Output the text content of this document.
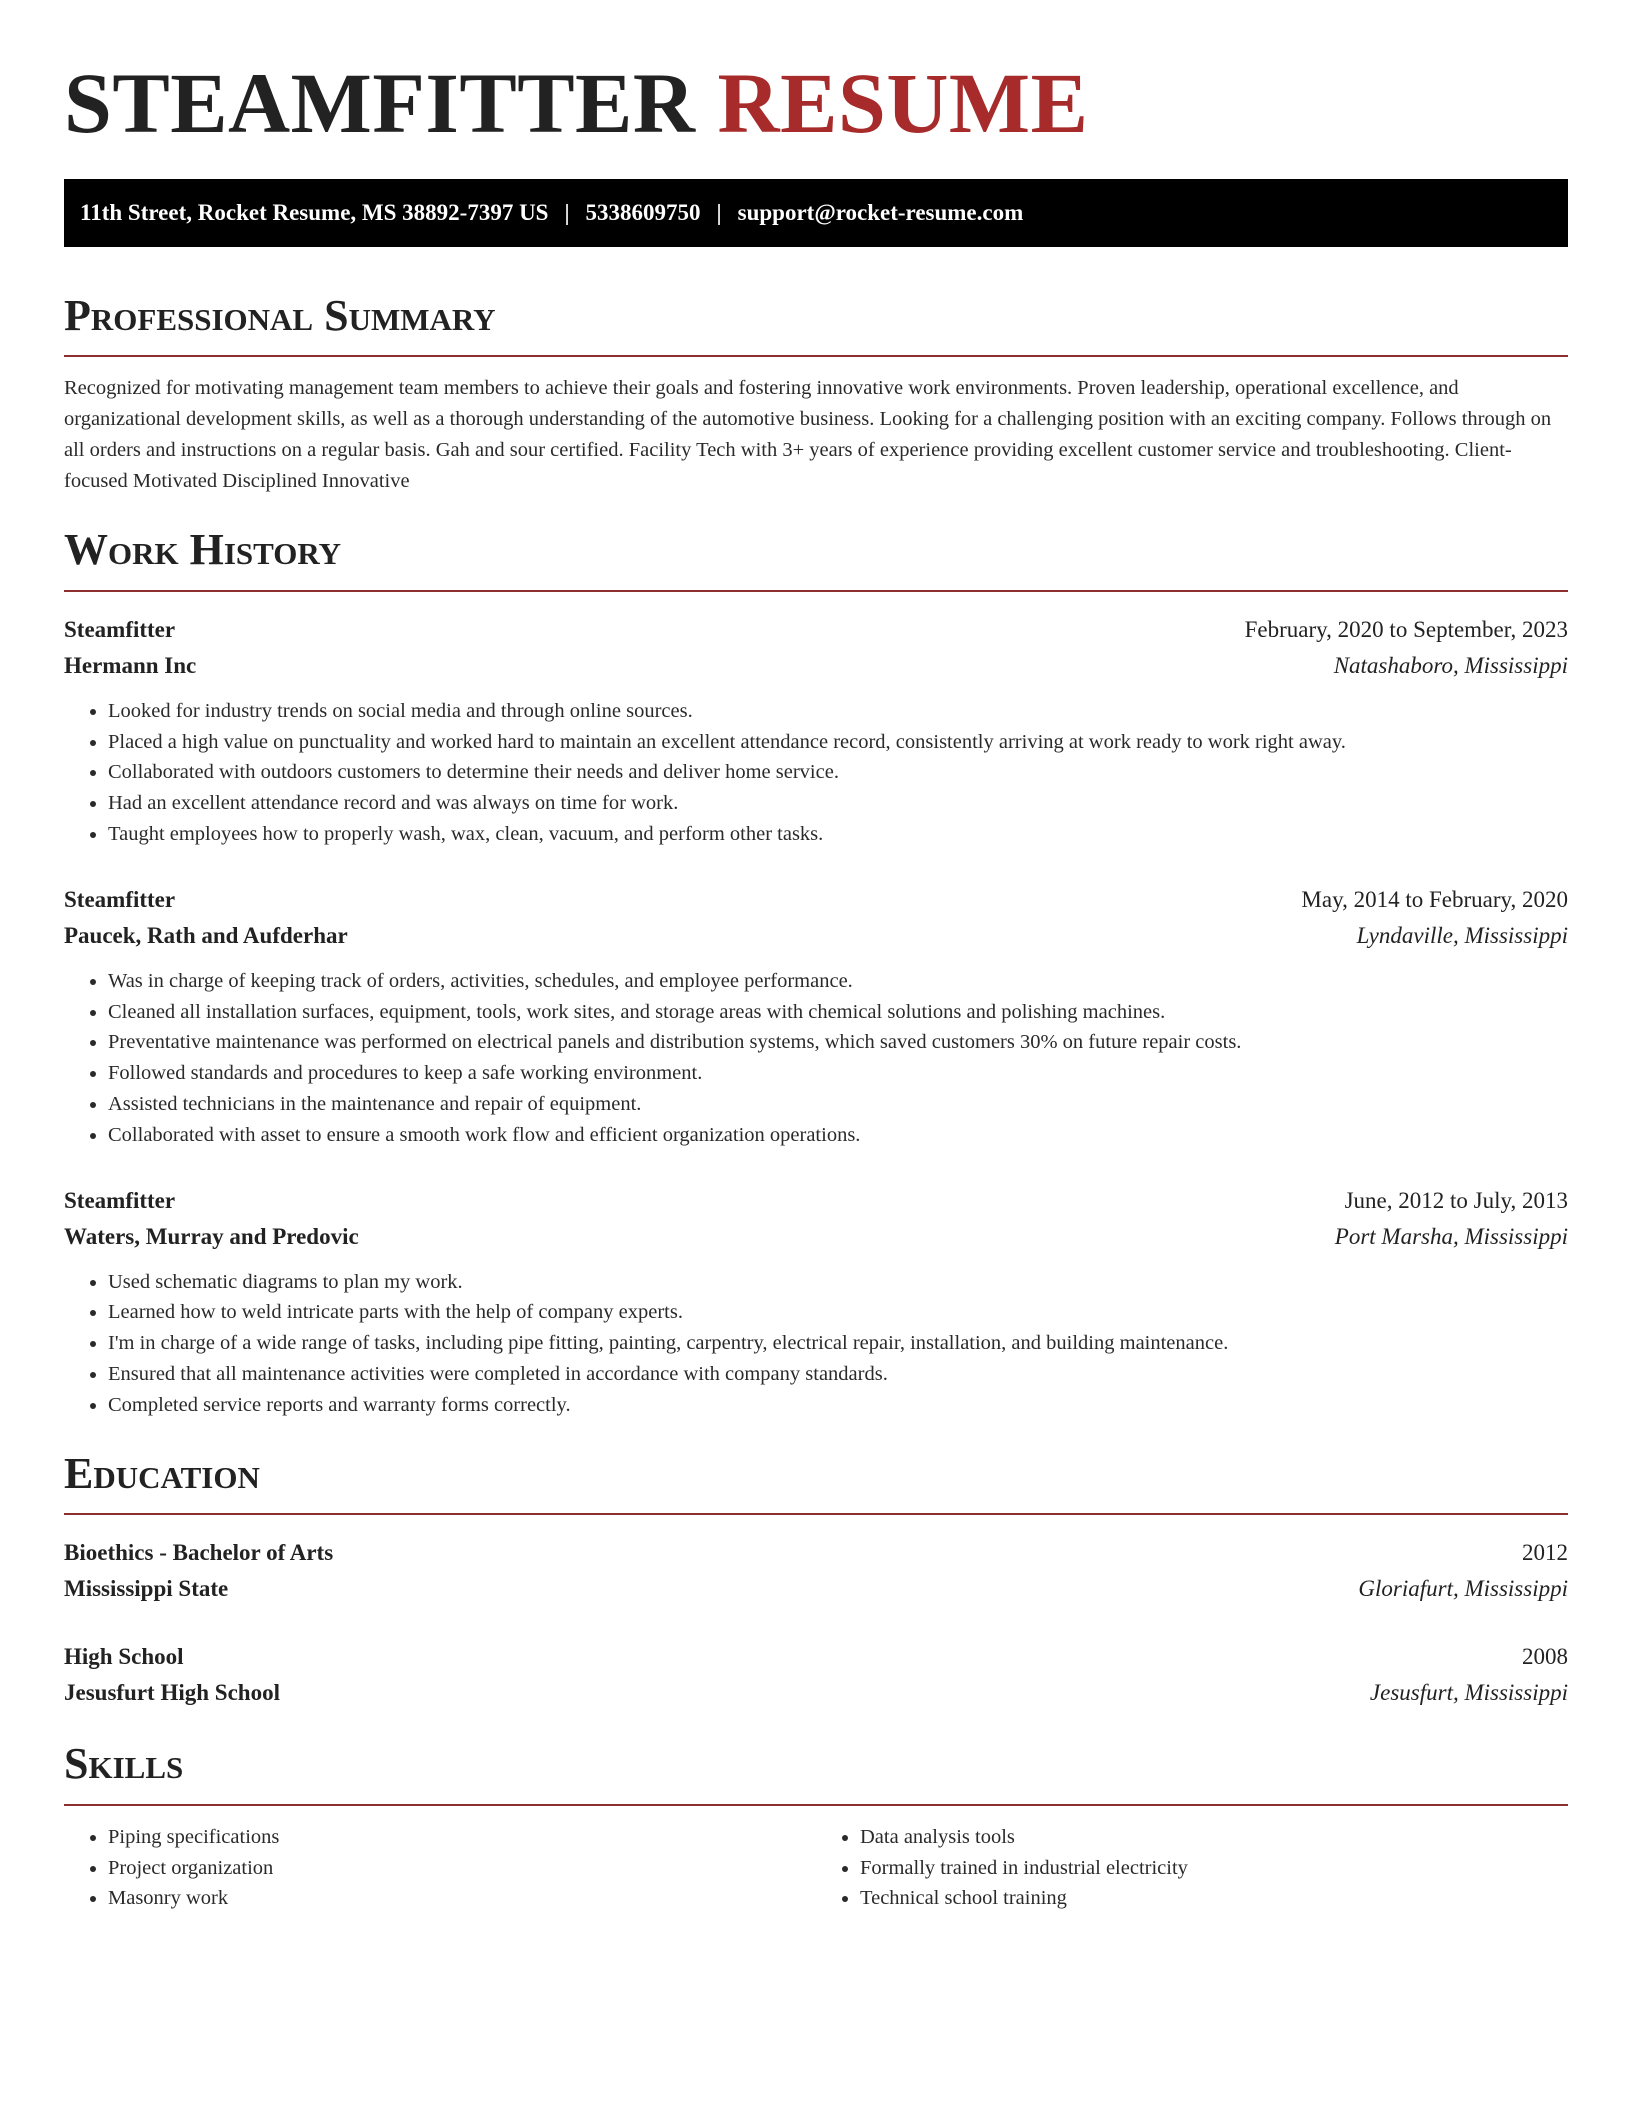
STEAMFITTER RESUME
11th Street, Rocket Resume, MS 38892-7397 US | 5338609750 | support@rocket-resume.com
Professional Summary

Recognized for motivating management team members to achieve their goals and fostering innovative work environments. Proven leadership, operational excellence, and organizational development skills, as well as a thorough understanding of the automotive business. Looking for a challenging position with an exciting company. Follows through on all orders and instructions on a regular basis. Gah and sour certified. Facility Tech with 3+ years of experience providing excellent customer service and troubleshooting. Client-focused Motivated Disciplined Innovative

Work History
Steamfitter	February, 2020 to September, 2023
Hermann Inc	Natashaboro, Mississippi
• Looked for industry trends on social media and through online sources.
• Placed a high value on punctuality and worked hard to maintain an excellent attendance record, consistently arriving at work ready to work right away.
• Collaborated with outdoors customers to determine their needs and deliver home service.
• Had an excellent attendance record and was always on time for work.
• Taught employees how to properly wash, wax, clean, vacuum, and perform other tasks.
Steamfitter	May, 2014 to February, 2020
Paucek, Rath and Aufderhar	Lyndaville, Mississippi
• Was in charge of keeping track of orders, activities, schedules, and employee performance.
• Cleaned all installation surfaces, equipment, tools, work sites, and storage areas with chemical solutions and polishing machines.
• Preventative maintenance was performed on electrical panels and distribution systems, which saved customers 30% on future repair costs.
• Followed standards and procedures to keep a safe working environment.
• Assisted technicians in the maintenance and repair of equipment.
• Collaborated with asset to ensure a smooth work flow and efficient organization operations.
Steamfitter	June, 2012 to July, 2013
Waters, Murray and Predovic	Port Marsha, Mississippi
• Used schematic diagrams to plan my work.
• Learned how to weld intricate parts with the help of company experts.
• I'm in charge of a wide range of tasks, including pipe fitting, painting, carpentry, electrical repair, installation, and building maintenance.
• Ensured that all maintenance activities were completed in accordance with company standards.
• Completed service reports and warranty forms correctly.
Education
Bioethics - Bachelor of Arts	2012
Mississippi State	Gloriafurt, Mississippi
High School	2008
Jesusfurt High School	Jesusfurt, Mississippi
Skills
• Piping specifications
• Project organization
• Masonry work
• Data analysis tools
• Formally trained in industrial electricity
• Technical school training
